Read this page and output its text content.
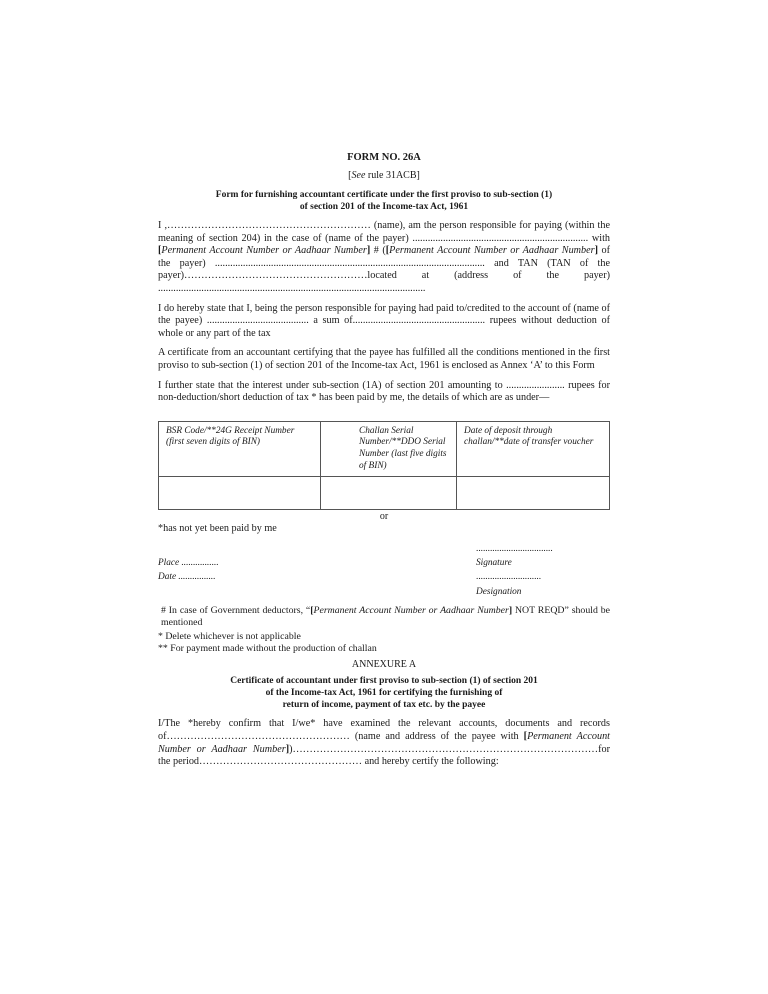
FORM NO. 26A
[See rule 31ACB]
Form for furnishing accountant certificate under the first proviso to sub-section (1)
of section 201 of the Income-tax Act, 1961

I ,…………………………………………………… (name), am the person responsible for paying (within the meaning of section 204) in the case of (name of the payer) ..................................................................... with [Permanent Account Number or Aadhaar Number] # ([Permanent Account Number or Aadhaar Number] of the payer) .......................................................................................................... and TAN (TAN of the payer)………………………………………………located at (address of the payer) .........................................................................................................

I do hereby state that I, being the person responsible for paying had paid to/credited to the account of (name of the payee) ........................................ a sum of.................................................... rupees without deduction of whole or any part of the tax

A certificate from an accountant certifying that the payee has fulfilled all the conditions mentioned in the first proviso to sub-section (1) of section 201 of the Income-tax Act, 1961 is enclosed as Annex ‘A’ to this Form

I further state that the interest under sub-section (1A) of section 201 amounting to ....................... rupees for non-deduction/short deduction of tax * has been paid by me, the details of which are as under—

BSR Code/**24G Receipt Number (first seven digits of BIN)	Challan Serial Number/**DDO Serial Number (last five digits of BIN)	Date of deposit through challan/**date of transfer voucher

or

*has not yet been paid by me

.................................
Place ................	Signature
Date ................	............................
Designation

# In case of Government deductors, “[Permanent Account Number or Aadhaar Number] NOT REQD” should be mentioned

* Delete whichever is not applicable

** For payment made without the production of challan

ANNEXURE A
Certificate of accountant under first proviso to sub-section (1) of section 201
of the Income-tax Act, 1961 for certifying the furnishing of
return of income, payment of tax etc. by the payee

I/The *hereby confirm that I/we* have examined the relevant accounts, documents and records of……………………………………………… (name and address of the payee with [Permanent Account Number or Aadhaar Number])………………………………………………………………………………for the period………………………………………… and hereby certify the following:
